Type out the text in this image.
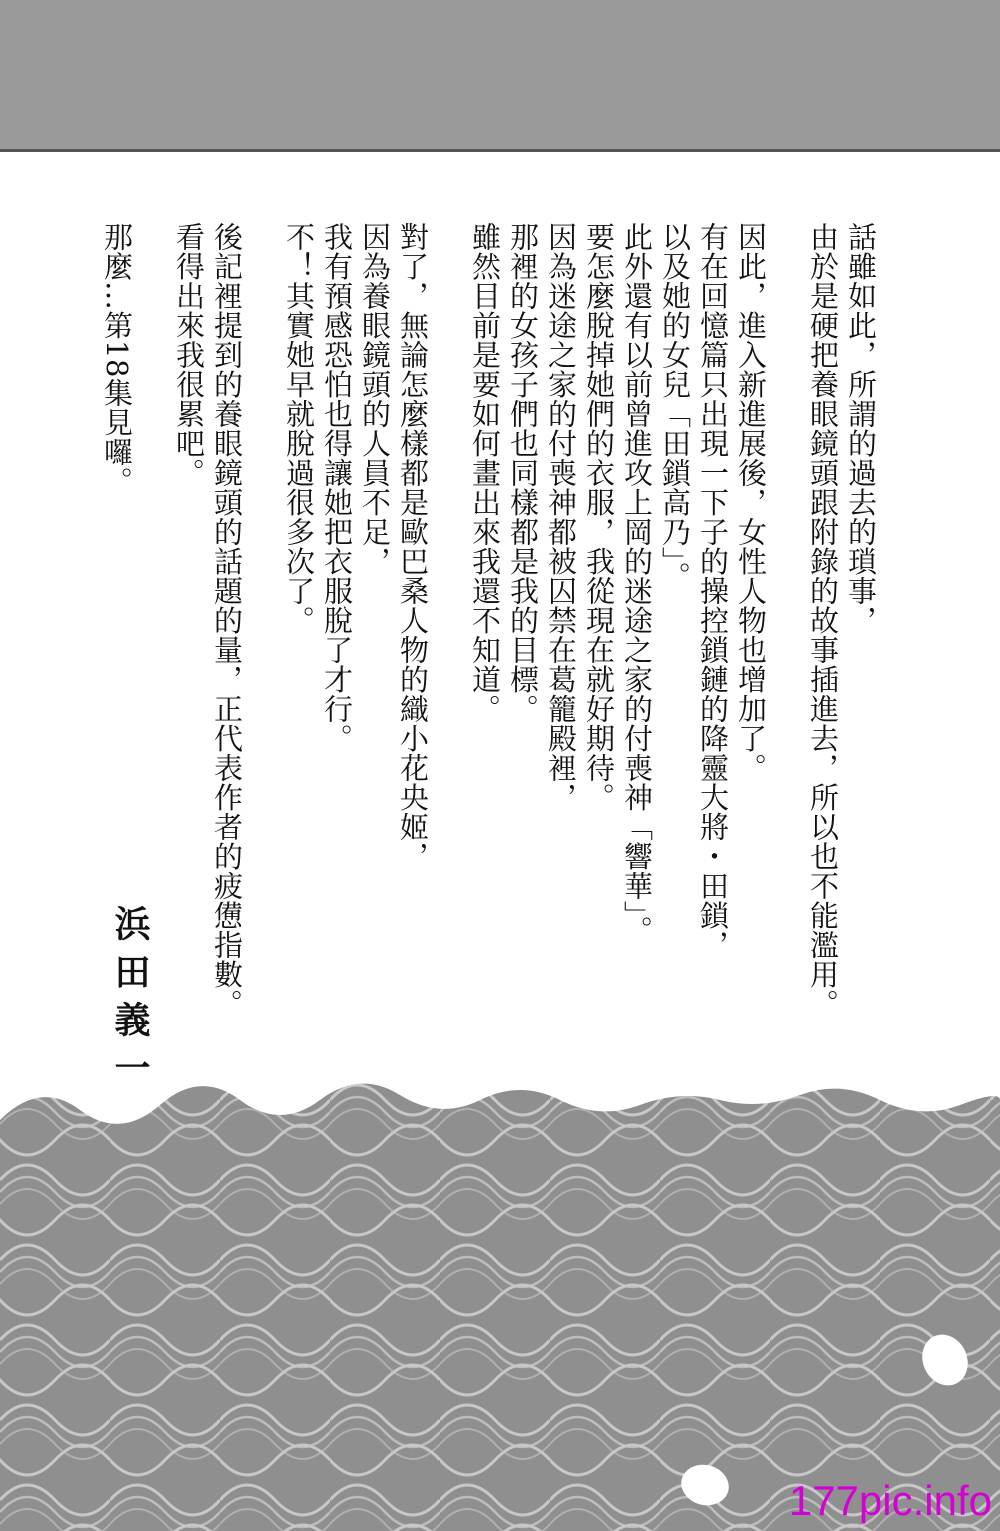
話雖如此，所謂的過去的瑣事，
由於是硬把養眼鏡頭跟附錄的故事插進去，所以也不能濫用。
因此，進入新進展後，女性人物也增加了。
有在回憶篇只出現一下子的操控鎖鏈的降靈大將・田鎖，
以及她的女兒「田鎖高乃」。
此外還有以前曾進攻上岡的迷途之家的付喪神「響華」。
要怎麼脫掉她們的衣服，我從現在就好期待。
因為迷途之家的付喪神都被囚禁在葛籠殿裡，
那裡的女孩子們也同樣都是我的目標。
雖然目前是要如何畫出來我還不知道。
對了，無論怎麼樣都是歐巴桑人物的織小花央姬，
因為養眼鏡頭的人員不足，
我有預感恐怕也得讓她把衣服脫了才行。
不！其實她早就脫過很多次了。
後記裡提到的養眼鏡頭的話題的量，正代表作者的疲憊指數。
看得出來我很累吧。
那麼…第18集見囉。
浜田義一
177pic.info
